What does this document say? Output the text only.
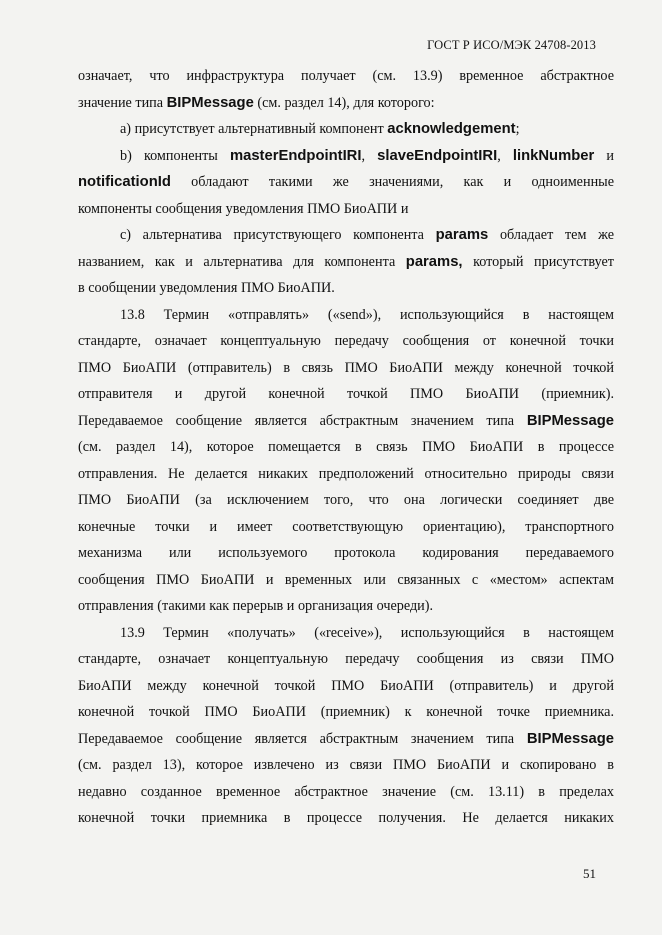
ГОСТ Р ИСО/МЭК 24708-2013
означает, что инфраструктура получает (см. 13.9) временное абстрактное
значение типа BIPMessage (см. раздел 14), для которого:
а) присутствует альтернативный компонент acknowledgement;
b) компоненты masterEndpointIRI, slaveEndpointIRI, linkNumber и
notificationId обладают такими же значениями, как и одноименные
компоненты сообщения уведомления ПМО БиоАПИ и
c) альтернатива присутствующего компонента params обладает тем же
названием, как и альтернатива для компонента params, который присутствует
в сообщении уведомления ПМО БиоАПИ.
13.8 Термин «отправлять» («send»), использующийся в настоящем
стандарте, означает концептуальную передачу сообщения от конечной точки
ПМО БиоАПИ (отправитель) в связь ПМО БиоАПИ между конечной точкой
отправителя и другой конечной точкой ПМО БиоАПИ (приемник).
Передаваемое сообщение является абстрактным значением типа BIPMessage
(см. раздел 14), которое помещается в связь ПМО БиоАПИ в процессе
отправления. Не делается никаких предположений относительно природы связи
ПМО БиоАПИ (за исключением того, что она логически соединяет две
конечные точки и имеет соответствующую ориентацию), транспортного
механизма или используемого протокола кодирования передаваемого
сообщения ПМО БиоАПИ и временных или связанных с «местом» аспектам
отправления (такими как перерыв и организация очереди).
13.9 Термин «получать» («receive»), использующийся в настоящем
стандарте, означает концептуальную передачу сообщения из связи ПМО
БиоАПИ между конечной точкой ПМО БиоАПИ (отправитель) и другой
конечной точкой ПМО БиоАПИ (приемник) к конечной точке приемника.
Передаваемое сообщение является абстрактным значением типа BIPMessage
(см. раздел 13), которое извлечено из связи ПМО БиоАПИ и скопировано в
недавно созданное временное абстрактное значение (см. 13.11) в пределах
конечной точки приемника в процессе получения. Не делается никаких
51
